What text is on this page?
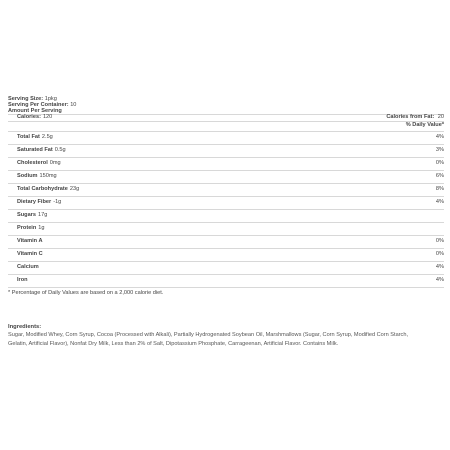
Serving Size: 1pkg
Serving Per Container: 10
Amount Per Serving
Calories: 120	Calories from Fat: 20
% Daily Value*
Total Fat 2.5g	4%
Saturated Fat 0.5g	3%
Cholesterol 0mg	0%
Sodium 150mg	6%
Total Carbohydrate 23g	8%
Dietary Fiber -1g	4%
Sugars 17g
Protein 1g
Vitamin A	0%
Vitamin C	0%
Calcium	4%
Iron	4%
* Percentage of Daily Values are based on a 2,000 calorie diet.
Ingredients:
Sugar, Modified Whey, Corn Syrup, Cocoa (Processed with Alkali), Partially Hydrogenated Soybean Oil, Marshmallows (Sugar, Corn Syrup, Modified Corn Starch,
Gelatin, Artificial Flavor), Nonfat Dry Milk, Less than 2% of Salt, Dipotassium Phosphate, Carrageenan, Artificial Flavor. Contains Milk.
